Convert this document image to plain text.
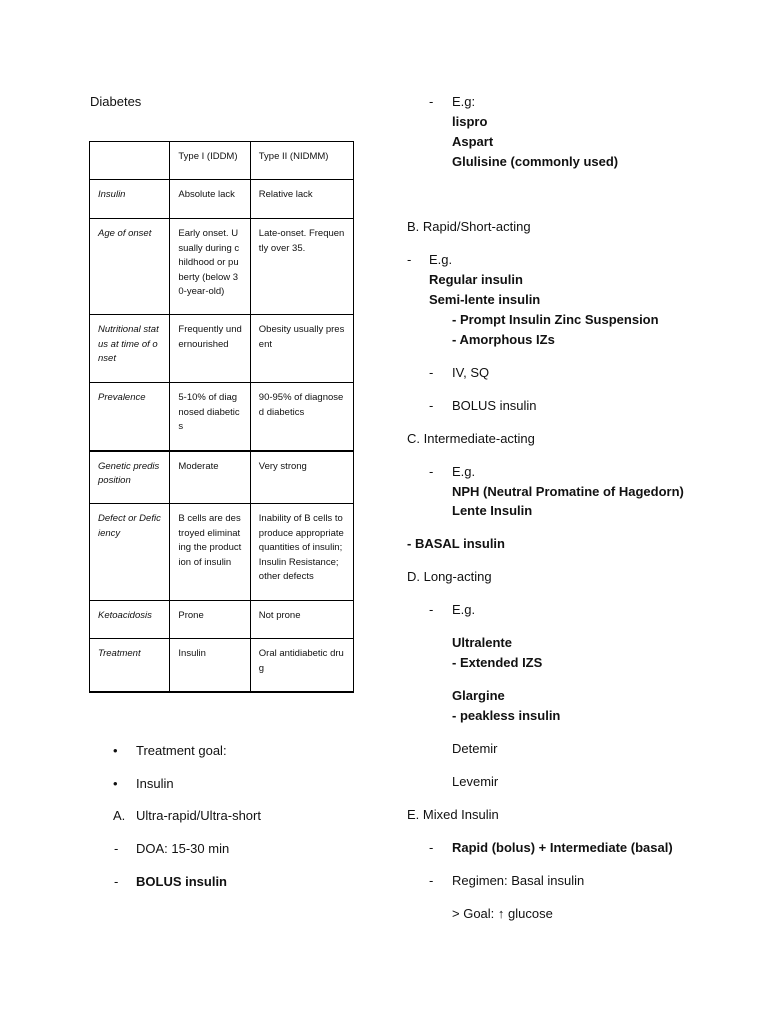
Diabetes
	Type I (IDDM)	Type II (NIDMM)
Insulin	Absolute lack	Relative lack
Age of onset	Early onset. Usually during childhood or puberty (below 30-year-old)	Late-onset. Frequently over 35.
Nutritional status at time of onset	Frequently undernourished	Obesity usually present
Prevalence	5-10% of diagnosed diabetics	90-95% of diagnosed diabetics
Genetic predisposition	Moderate	Very strong
Defect or Deficiency	B cells are destroyed eliminating the production of insulin	Inability of B cells to produce appropriate quantities of insulin; Insulin Resistance; other defects
Ketoacidosis	Prone	Not prone
Treatment	Insulin	Oral antidiabetic drug
• Treatment goal:
• Insulin
A. Ultra-rapid/Ultra-short
- DOA: 15-30 min
- BOLUS insulin
- E.g:
lispro
Aspart
Glulisine (commonly used)
B. Rapid/Short-acting
- E.g.
Regular insulin
Semi-lente insulin
- Prompt Insulin Zinc Suspension
- Amorphous IZs
- IV, SQ
- BOLUS insulin
C. Intermediate-acting
- E.g.
NPH (Neutral Promatine of Hagedorn)
Lente Insulin
- BASAL insulin
D. Long-acting
- E.g.
Ultralente
- Extended IZS
Glargine
- peakless insulin
Detemir
Levemir
E. Mixed Insulin
- Rapid (bolus) + Intermediate (basal)
- Regimen: Basal insulin
> Goal: ↑ glucose
